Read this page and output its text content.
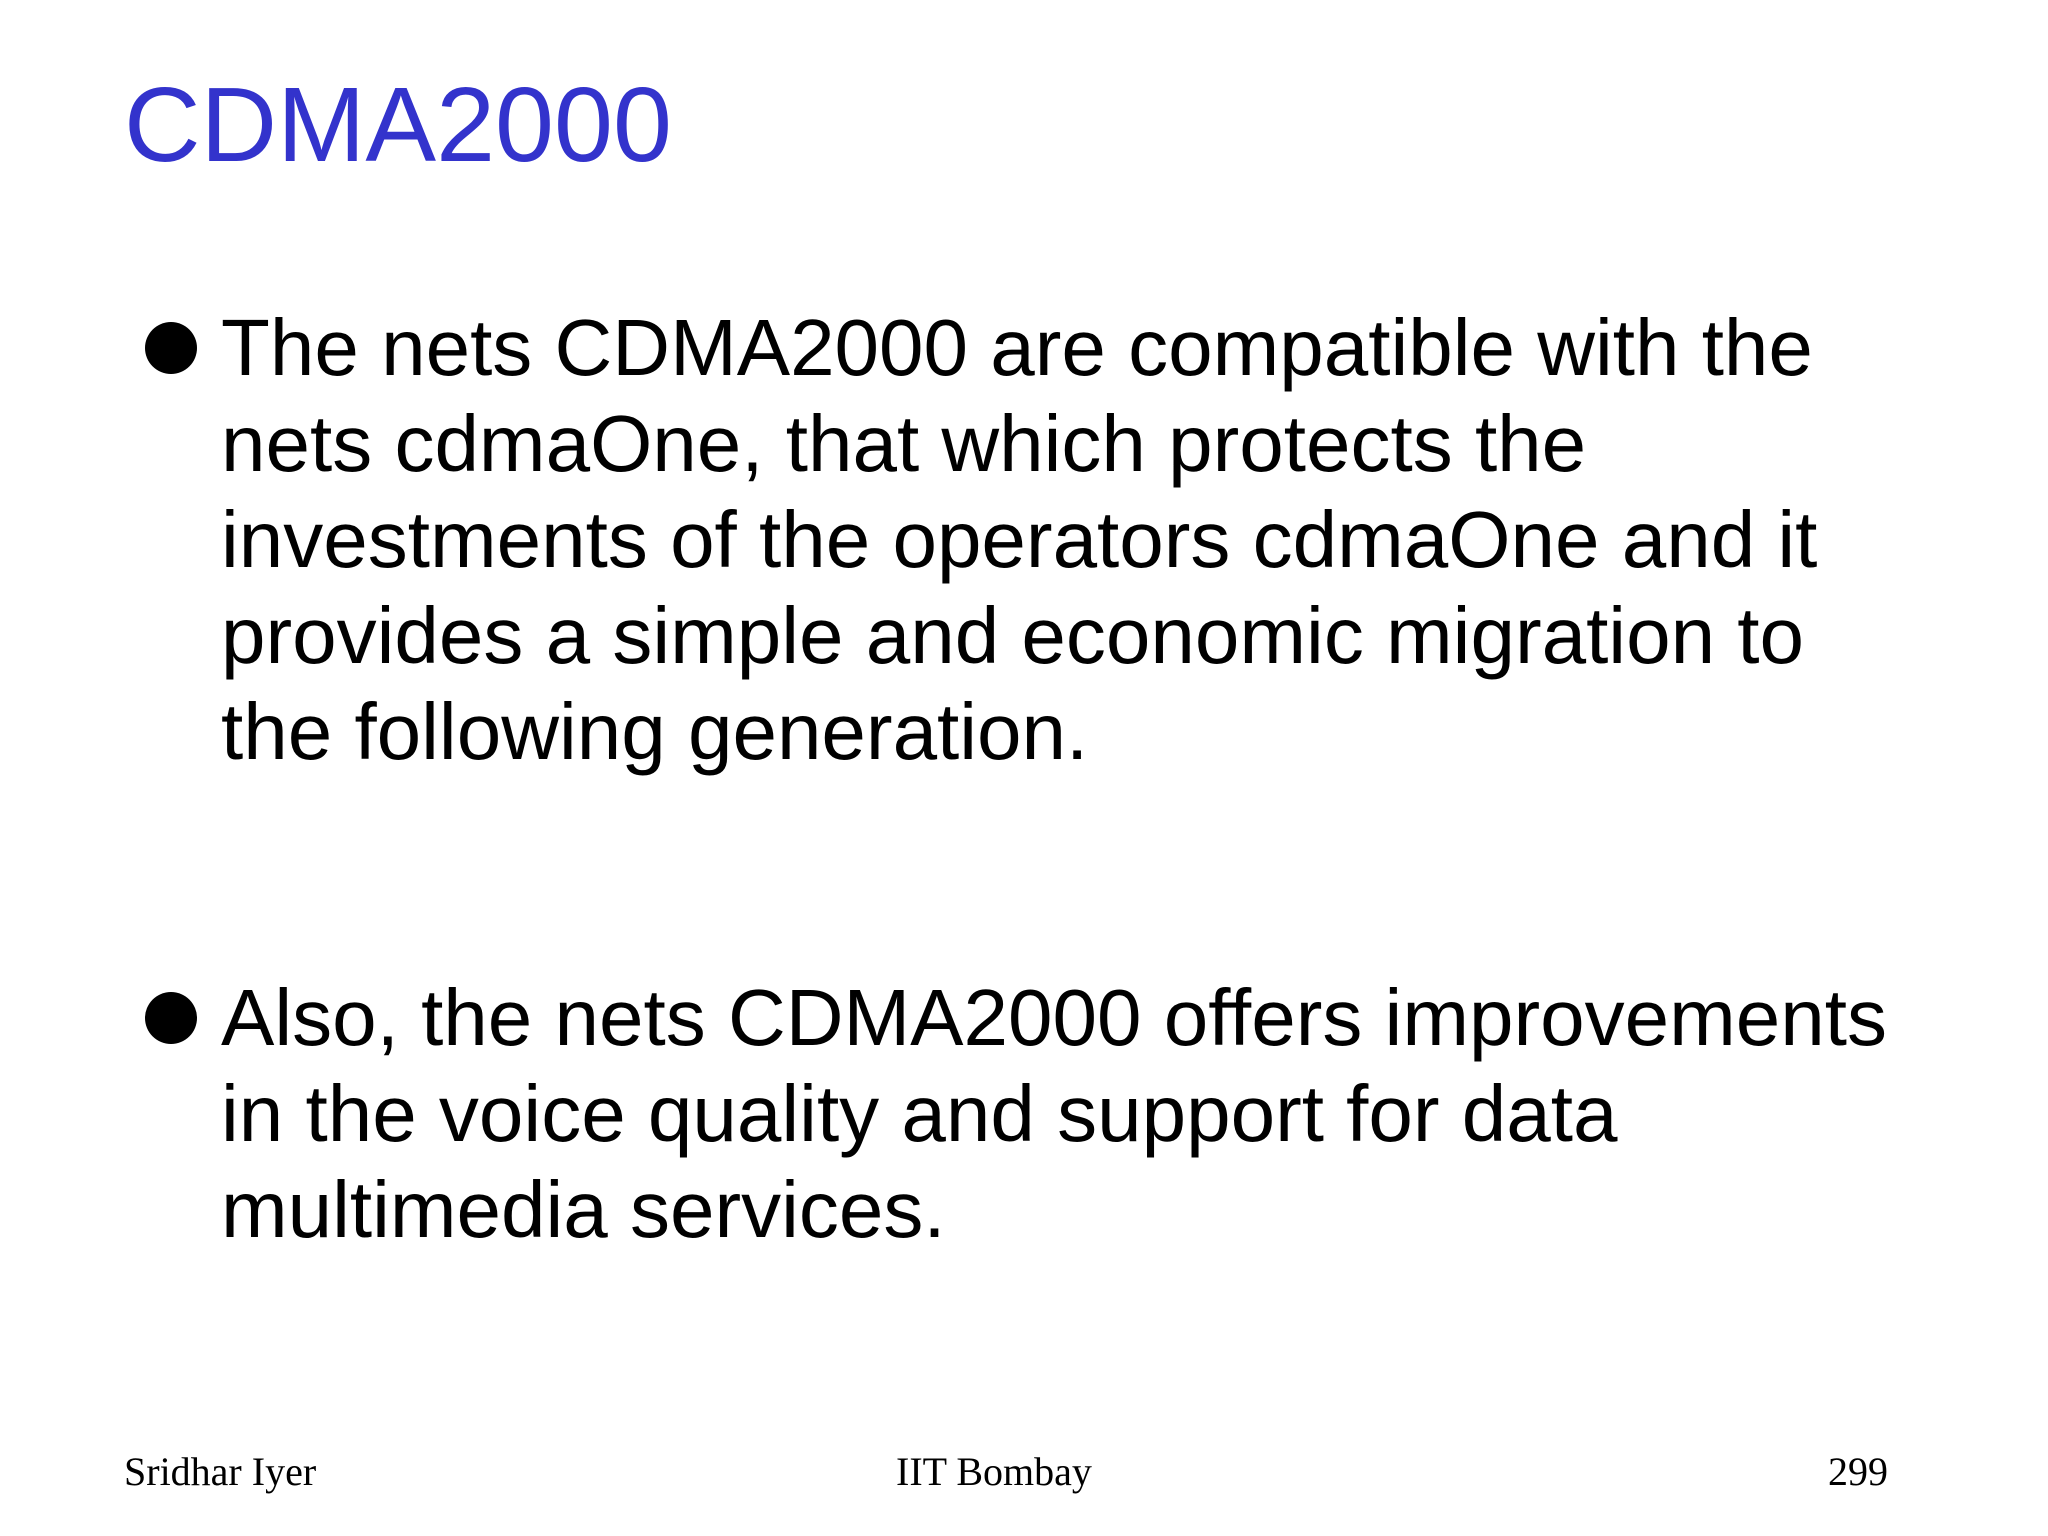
CDMA2000
The nets CDMA2000 are compatible with the
nets cdmaOne, that which protects the
investments of the operators cdmaOne and it
provides a simple and economic migration to
the following generation.
Also, the nets CDMA2000 offers improvements
in the voice quality and support for data
multimedia services.
Sridhar Iyer	IIT Bombay	299
